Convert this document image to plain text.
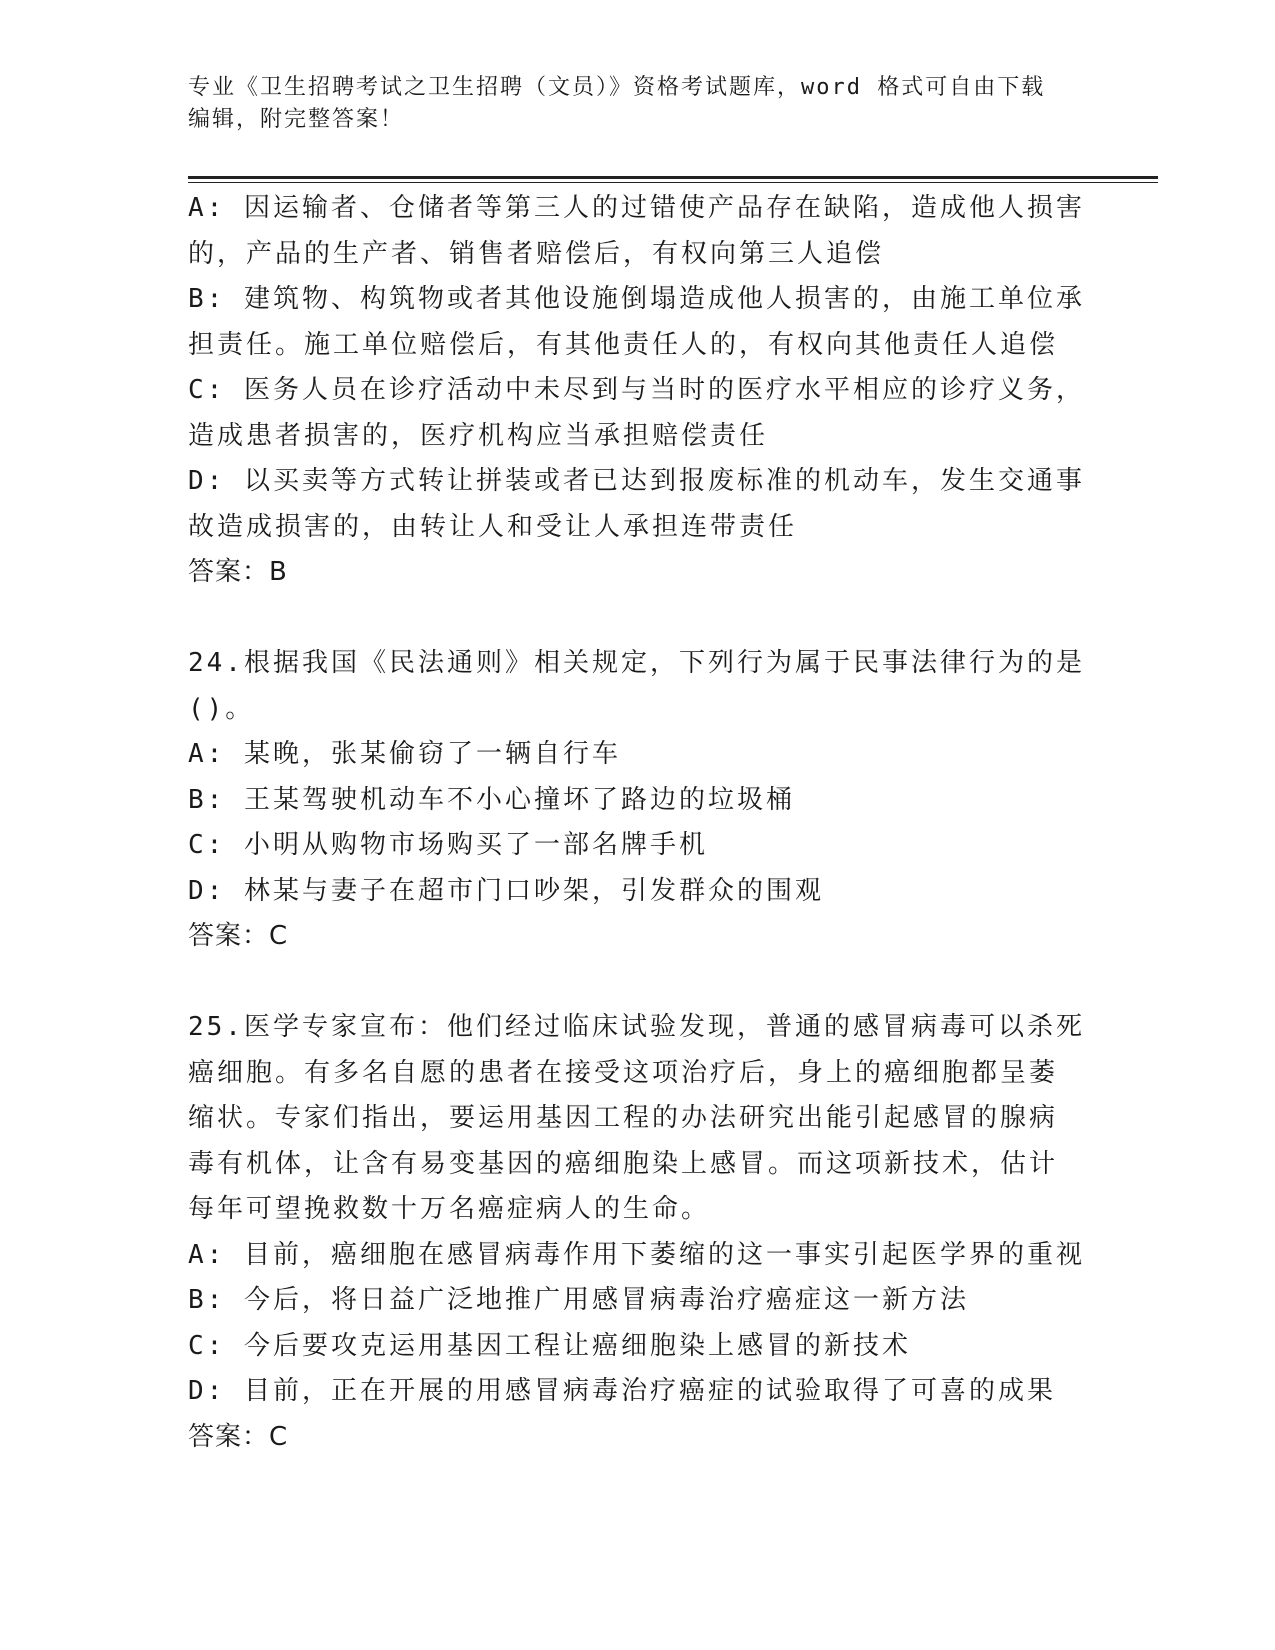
专业《卫生招聘考试之卫生招聘（文员）》资格考试题库，word 格式可自由下载
编辑，附完整答案！
A: 因运输者、仓储者等第三人的过错使产品存在缺陷，造成他人损害
的，产品的生产者、销售者赔偿后，有权向第三人追偿
B: 建筑物、构筑物或者其他设施倒塌造成他人损害的，由施工单位承
担责任。施工单位赔偿后，有其他责任人的，有权向其他责任人追偿
C: 医务人员在诊疗活动中未尽到与当时的医疗水平相应的诊疗义务，
造成患者损害的，医疗机构应当承担赔偿责任
D: 以买卖等方式转让拼装或者已达到报废标准的机动车，发生交通事
故造成损害的，由转让人和受让人承担连带责任
答案：B
24.根据我国《民法通则》相关规定，下列行为属于民事法律行为的是
()。
A: 某晚，张某偷窃了一辆自行车
B: 王某驾驶机动车不小心撞坏了路边的垃圾桶
C: 小明从购物市场购买了一部名牌手机
D: 林某与妻子在超市门口吵架，引发群众的围观
答案：C
25.医学专家宣布：他们经过临床试验发现，普通的感冒病毒可以杀死
癌细胞。有多名自愿的患者在接受这项治疗后，身上的癌细胞都呈萎
缩状。专家们指出，要运用基因工程的办法研究出能引起感冒的腺病
毒有机体，让含有易变基因的癌细胞染上感冒。而这项新技术，估计
每年可望挽救数十万名癌症病人的生命。
A: 目前，癌细胞在感冒病毒作用下萎缩的这一事实引起医学界的重视
B: 今后，将日益广泛地推广用感冒病毒治疗癌症这一新方法
C: 今后要攻克运用基因工程让癌细胞染上感冒的新技术
D: 目前，正在开展的用感冒病毒治疗癌症的试验取得了可喜的成果
答案：C
